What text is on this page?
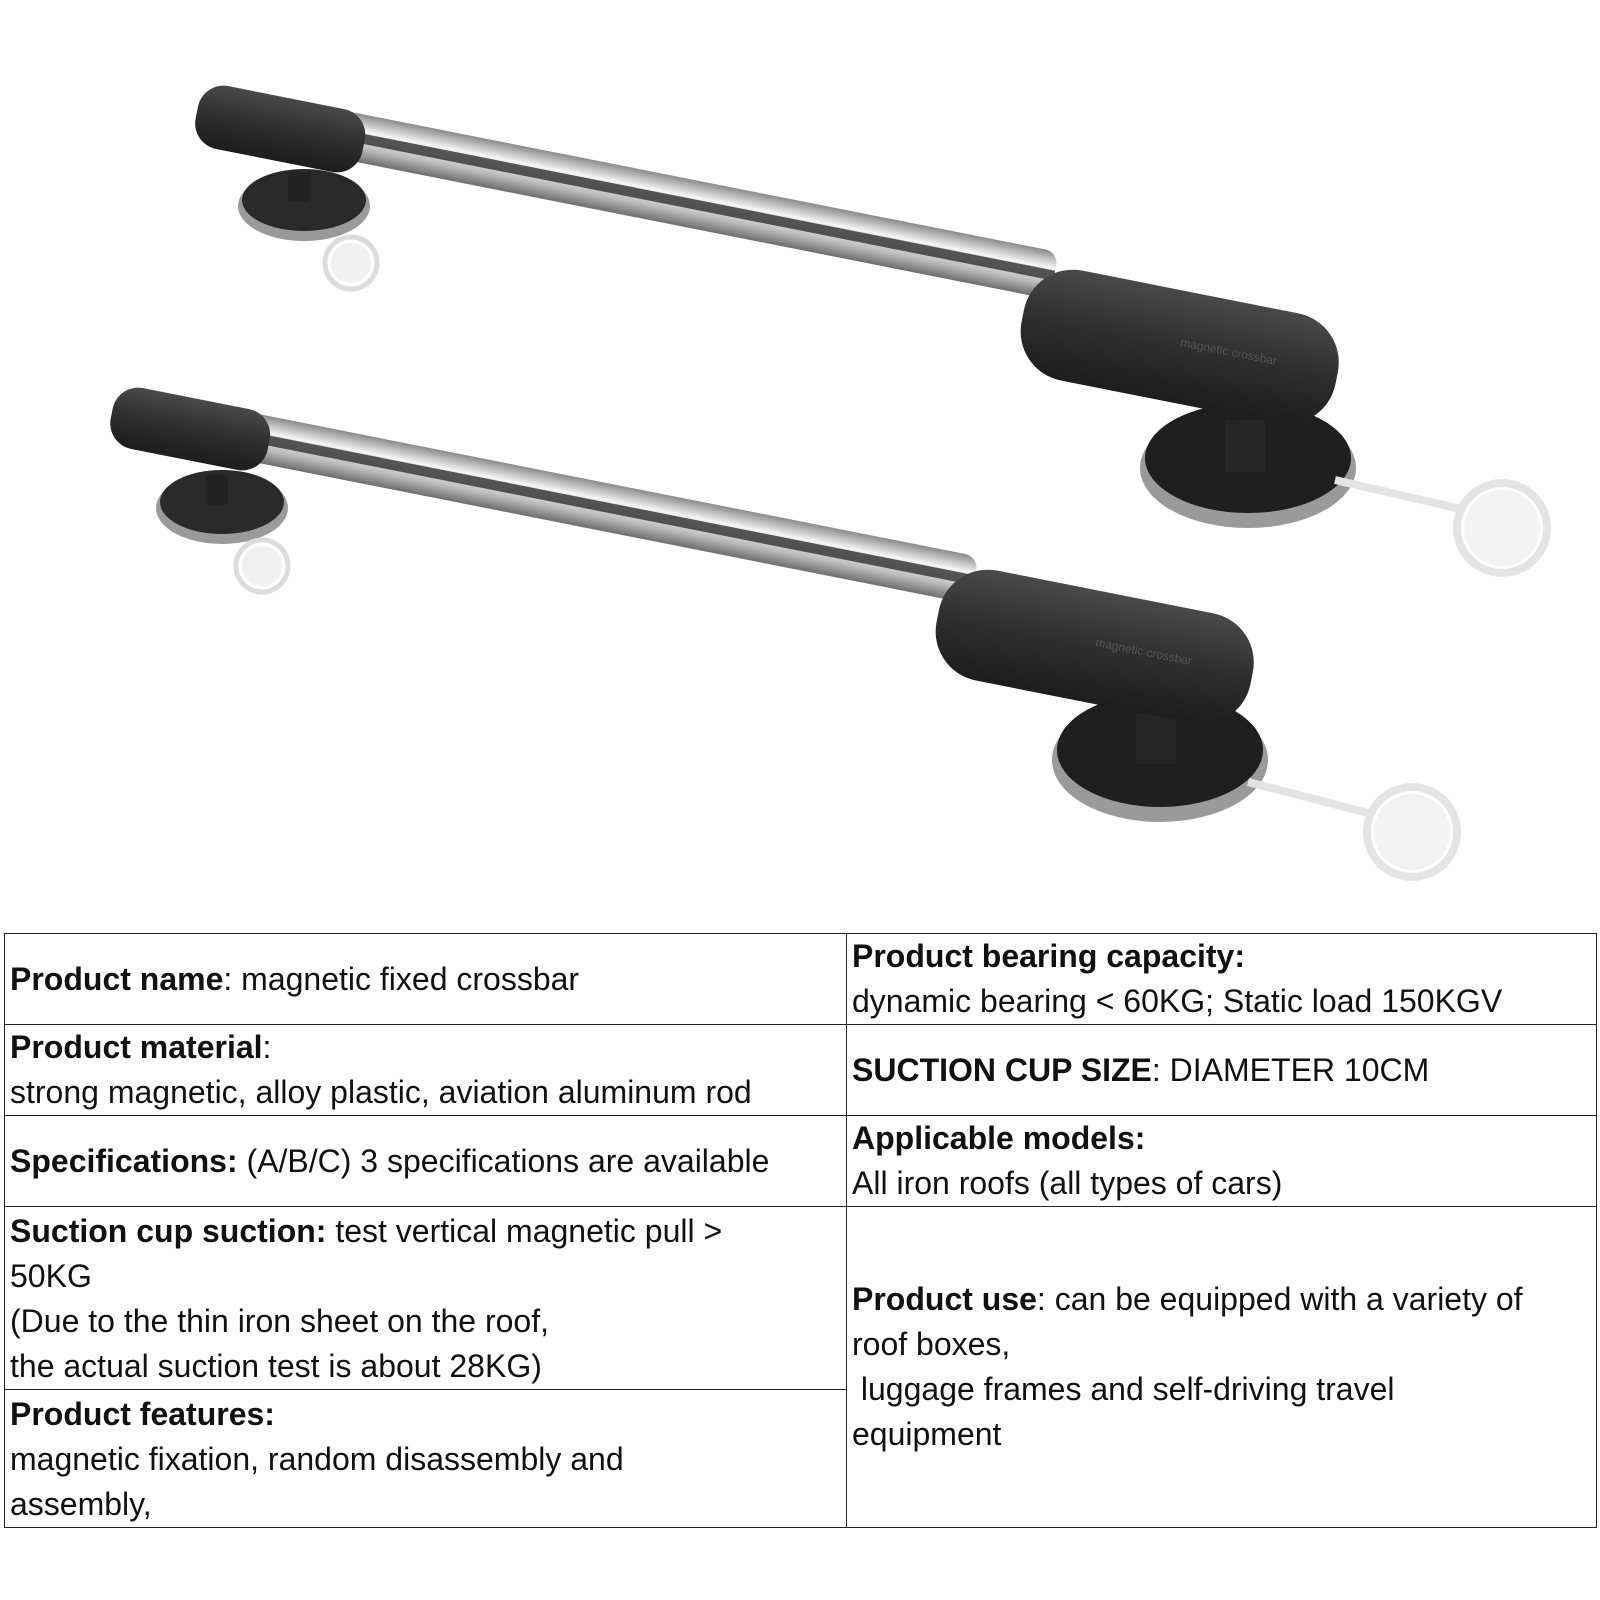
magnetic crossbar
magnetic crossbar
Product name: magnetic fixed crossbar	Product bearing capacity:
dynamic bearing < 60KG; Static load 150KGV

Product material:
strong magnetic, alloy plastic, aviation aluminum rod	SUCTION CUP SIZE: DIAMETER 10CM
Specifications: (A/B/C) 3 specifications are available	Applicable models:
All iron roofs (all types of cars)

Suction cup suction: test vertical magnetic pull >
50KG
(Due to the thin iron sheet on the roof,
the actual suction test is about 28KG)	Product use: can be equipped with a variety of
roof boxes,
luggage frames and self-driving travel
equipment

Product features:
magnetic fixation, random disassembly and
assembly,	
